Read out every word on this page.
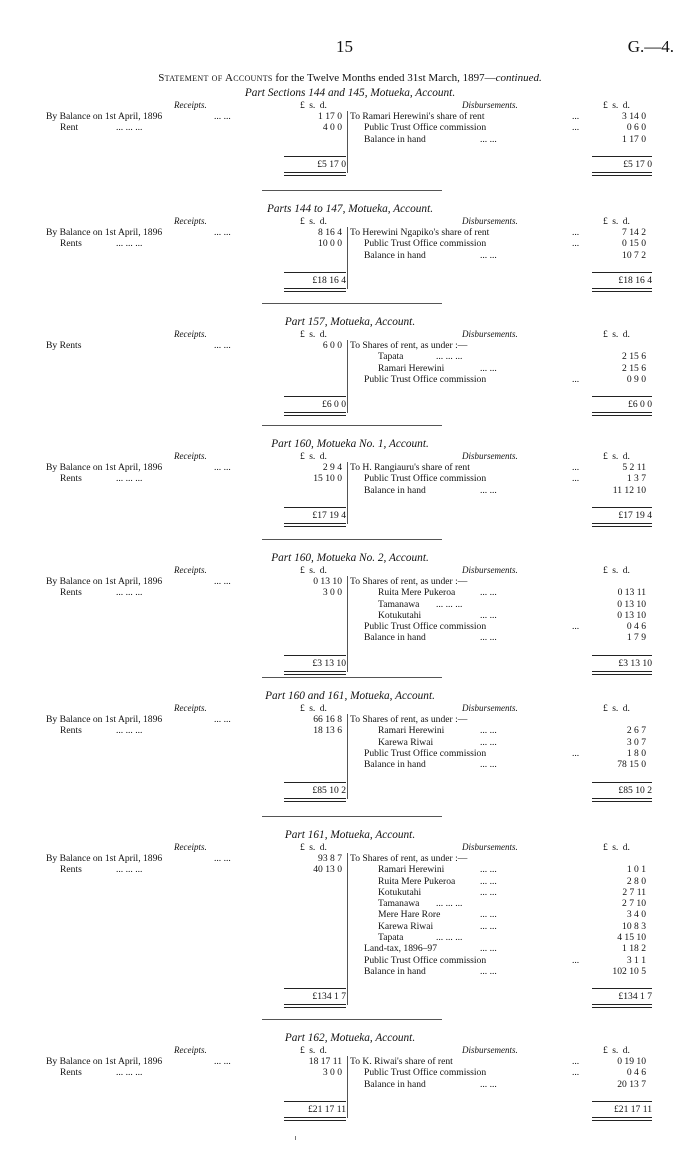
15	G.—4.
Statement of Accounts for the Twelve Months ended 31st March, 1897—continued.
Part Sections 144 and 145, Motueka, Account.
Receipts.	£ s. d.
By Balance on 1st April, 1896	... ...	1 17 0
Rent	... ... ...	4 0 0
£5 17 0
Disbursements.	£ s. d.
To Ramari Herewini's share of rent	...	3 14 0
Public Trust Office commission	...	0 6 0
Balance in hand	... ...	1 17 0
£5 17 0
Parts 144 to 147, Motueka, Account.
Receipts.	£ s. d.
By Balance on 1st April, 1896	... ...	8 16 4
Rents	... ... ...	10 0 0
£18 16 4
Disbursements.	£ s. d.
To Herewini Ngapiko's share of rent	...	7 14 2
Public Trust Office commission	...	0 15 0
Balance in hand	... ...	10 7 2
£18 16 4
Part 157, Motueka, Account.
Receipts.	£ s. d.
By Rents	... ...	6 0 0
£6 0 0
Disbursements.	£ s. d.
To Shares of rent, as under :—
Tapata	... ... ...	2 15 6
Ramari Herewini	... ...	2 15 6
Public Trust Office commission	...	0 9 0
£6 0 0
Part 160, Motueka No. 1, Account.
Receipts.	£ s. d.
By Balance on 1st April, 1896	... ...	2 9 4
Rents	... ... ...	15 10 0
£17 19 4
Disbursements.	£ s. d.
To H. Rangiauru's share of rent	...	5 2 11
Public Trust Office commission	...	1 3 7
Balance in hand	... ...	11 12 10
£17 19 4
Part 160, Motueka No. 2, Account.
Receipts.	£ s. d.
By Balance on 1st April, 1896	... ...	0 13 10
Rents	... ... ...	3 0 0
£3 13 10
Disbursements.	£ s. d.
To Shares of rent, as under :—
Ruita Mere Pukeroa	... ...	0 13 11
Tamanawa ... ... ...	0 13 10
Kotukutahi	... ...	0 13 10
Public Trust Office commission	...	0 4 6
Balance in hand	... ...	1 7 9
£3 13 10
Part 160 and 161, Motueka, Account.
Receipts.	£ s. d.
By Balance on 1st April, 1896	... ...	66 16 8
Rents	... ... ...	18 13 6
£85 10 2
Disbursements.	£ s. d.
To Shares of rent, as under :—
Ramari Herewini	... ...	2 6 7
Karewa Riwai	... ...	3 0 7
Public Trust Office commission	...	1 8 0
Balance in hand	... ...	78 15 0
£85 10 2
Part 161, Motueka, Account.
Receipts.	£ s. d.
By Balance on 1st April, 1896	... ...	93 8 7
Rents	... ... ...	40 13 0
£134 1 7
Disbursements.	£ s. d.
To Shares of rent, as under :—
Ramari Herewini	... ...	1 0 1
Ruita Mere Pukeroa	... ...	2 8 0
Kotukutahi	... ...	2 7 11
Tamanawa ... ... ...	2 7 10
Mere Hare Rore	... ...	3 4 0
Karewa Riwai	... ...	10 8 3
Tapata	... ... ...	4 15 10
Land-tax, 1896–97	... ...	1 18 2
Public Trust Office commission	...	3 1 1
Balance in hand	... ...	102 10 5
£134 1 7
Part 162, Motueka, Account.
Receipts.	£ s. d.
By Balance on 1st April, 1896	... ...	18 17 11
Rents	... ... ...	3 0 0
£21 17 11
Disbursements.	£ s. d.
To K. Riwai's share of rent	...	0 19 10
Public Trust Office commission	...	0 4 6
Balance in hand	... ...	20 13 7
£21 17 11
